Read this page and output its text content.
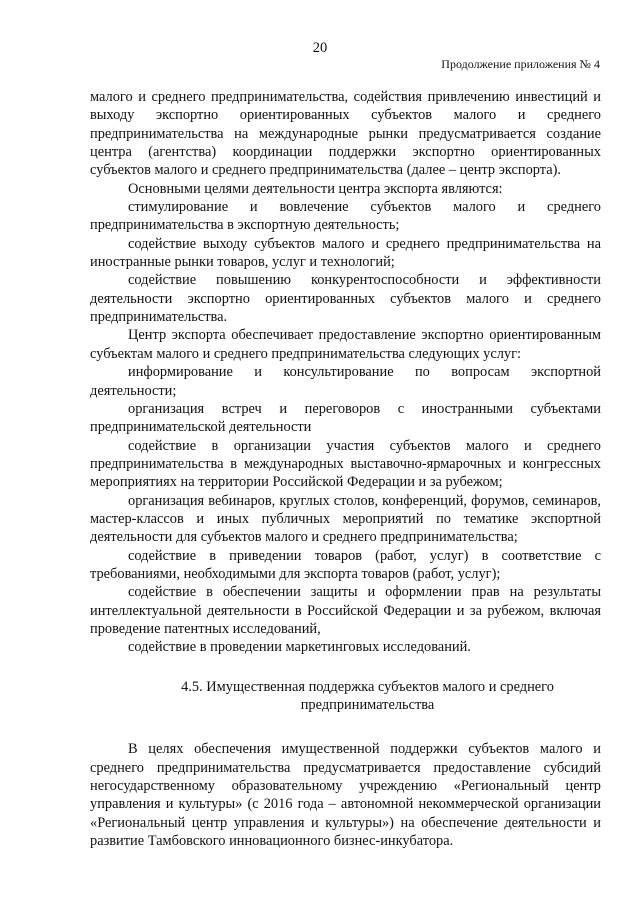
20
Продолжение приложения № 4

малого и среднего предпринимательства, содействия привлечению инвестиций и выходу экспортно ориентированных субъектов малого и среднего предпринимательства на международные рынки предусматривается создание центра (агентства) координации поддержки экспортно ориентированных субъектов малого и среднего предпринимательства (далее – центр экспорта).

Основными целями деятельности центра экспорта являются:

стимулирование и вовлечение субъектов малого и среднего предпринимательства в экспортную деятельность;

содействие выходу субъектов малого и среднего предпринимательства на иностранные рынки товаров, услуг и технологий;

содействие повышению конкурентоспособности и эффективности деятельности экспортно ориентированных субъектов малого и среднего предпринимательства.

Центр экспорта обеспечивает предоставление экспортно ориентированным субъектам малого и среднего предпринимательства следующих услуг:

информирование и консультирование по вопросам экспортной деятельности;

организация встреч и переговоров с иностранными субъектами предпринимательской деятельности

содействие в организации участия субъектов малого и среднего предпринимательства в международных выставочно-ярмарочных и конгрессных мероприятиях на территории Российской Федерации и за рубежом;

организация вебинаров, круглых столов, конференций, форумов, семинаров, мастер-классов и иных публичных мероприятий по тематике экспортной деятельности для субъектов малого и среднего предпринимательства;

содействие в приведении товаров (работ, услуг) в соответствие с требованиями, необходимыми для экспорта товаров (работ, услуг);

содействие в обеспечении защиты и оформлении прав на результаты интеллектуальной деятельности в Российской Федерации и за рубежом, включая проведение патентных исследований,

содействие в проведении маркетинговых исследований.

4.5. Имущественная поддержка субъектов малого и среднего
предпринимательства

В целях обеспечения имущественной поддержки субъектов малого и среднего предпринимательства предусматривается предоставление субсидий негосударственному образовательному учреждению «Региональный центр управления и культуры» (с 2016 года – автономной некоммерческой организации «Региональный центр управления и культуры») на обеспечение деятельности и развитие Тамбовского инновационного бизнес-инкубатора.
